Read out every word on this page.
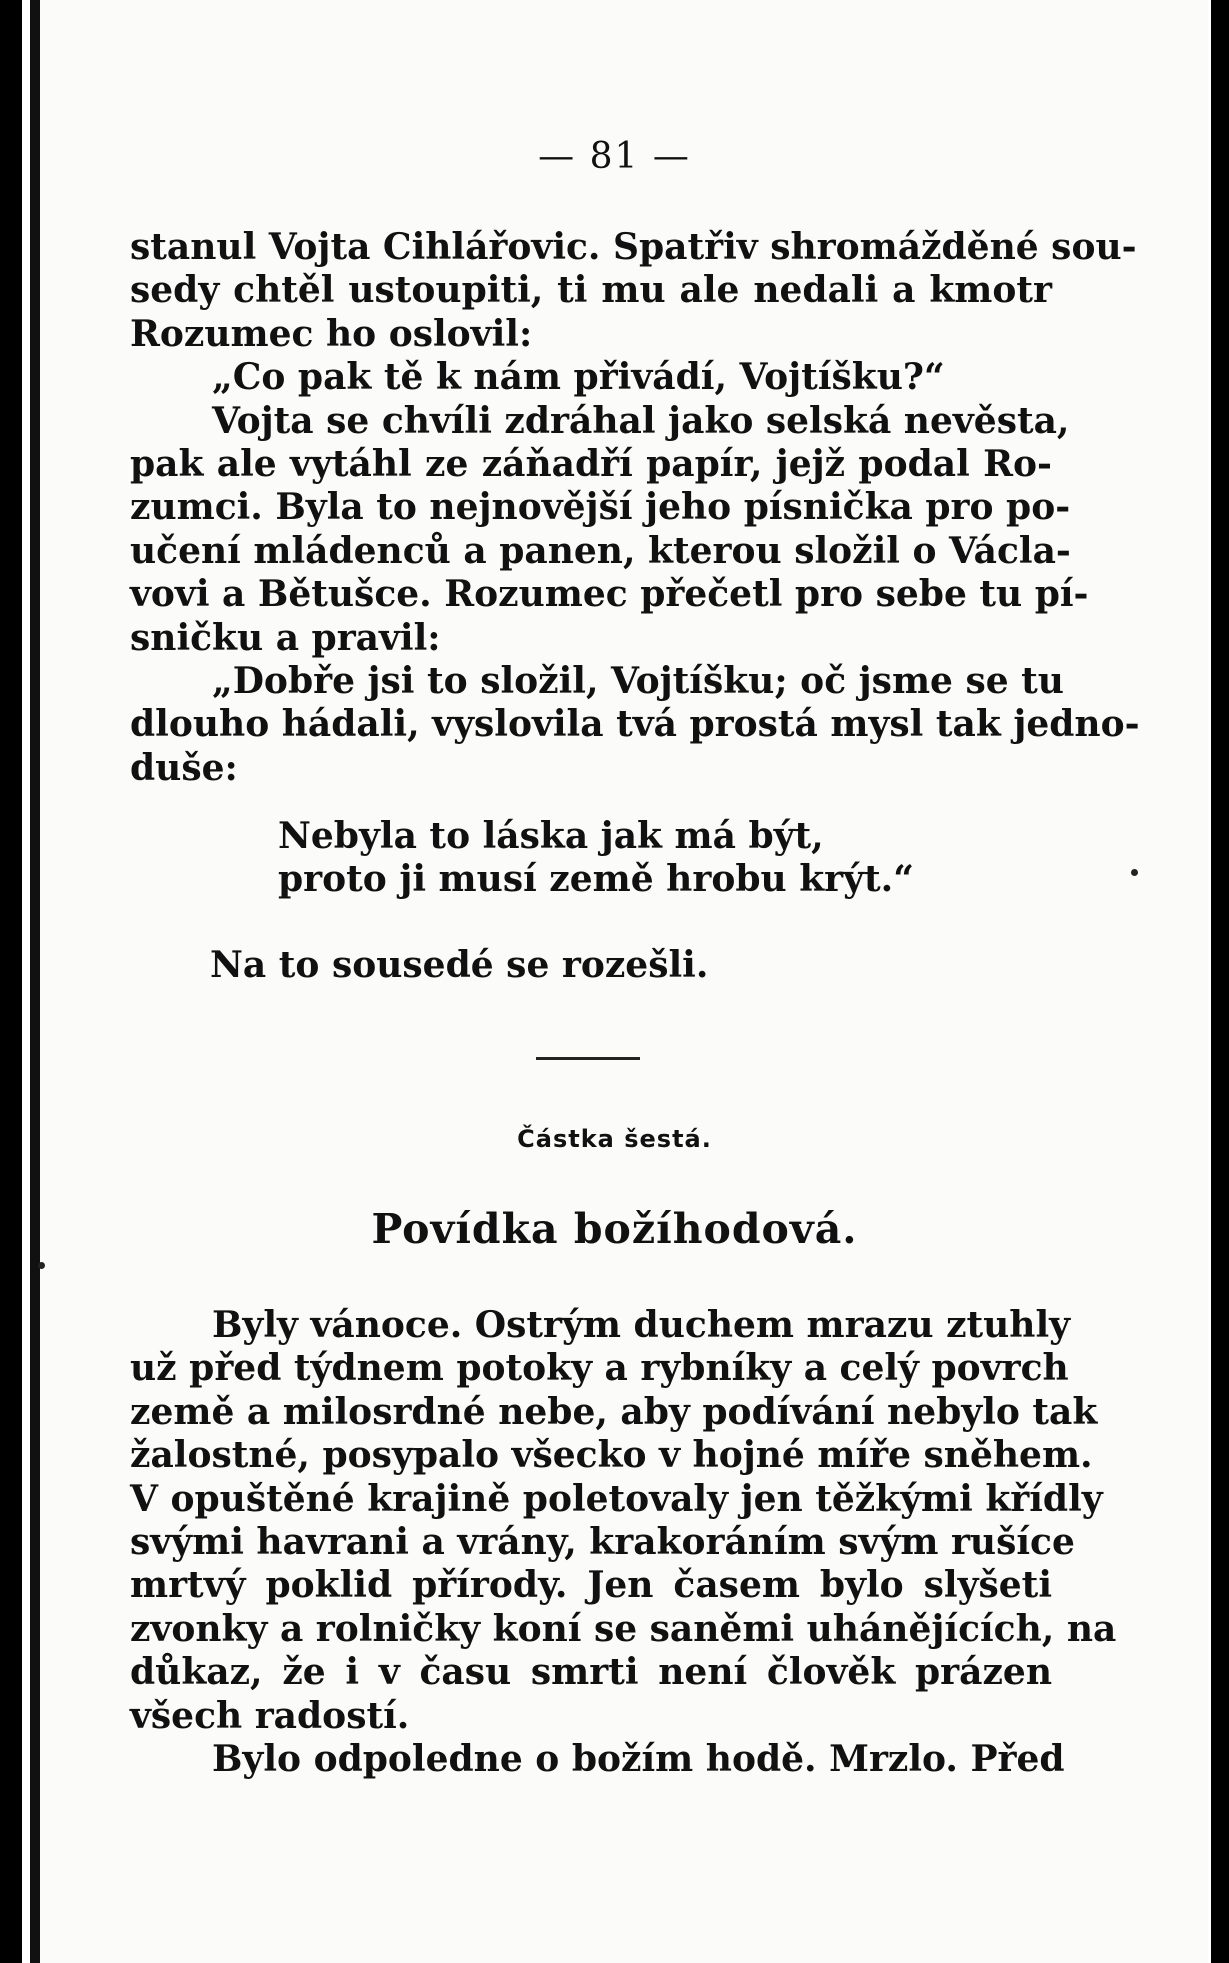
— 81 —
stanul Vojta Cihlářovic. Spatřiv shromážděné sou-
sedy chtěl ustoupiti, ti mu ale nedali a kmotr
Rozumec ho oslovil:
„Co pak tě k nám přivádí, Vojtíšku?“
Vojta se chvíli zdráhal jako selská nevěsta,
pak ale vytáhl ze záňadří papír, jejž podal Ro-
zumci. Byla to nejnovější jeho písnička pro po-
učení mládenců a panen, kterou složil o Václa-
vovi a Bětušce. Rozumec přečetl pro sebe tu pí-
sničku a pravil:
„Dobře jsi to složil, Vojtíšku; oč jsme se tu
dlouho hádali, vyslovila tvá prostá mysl tak jedno-
duše:
Nebyla to láska jak má být,
proto ji musí země hrobu krýt.“
Na to sousedé se rozešli.
Částka šestá.
Povídka božíhodová.
Byly vánoce. Ostrým duchem mrazu ztuhly
už před týdnem potoky a rybníky a celý povrch
země a milosrdné nebe, aby podívání nebylo tak
žalostné, posypalo všecko v hojné míře sněhem.
V opuštěné krajině poletovaly jen těžkými křídly
svými havrani a vrány, krakoráním svým rušíce
mrtvý poklid přírody. Jen časem bylo slyšeti
zvonky a rolničky koní se saněmi uhánějících, na
důkaz, že i v času smrti není člověk prázen
všech radostí.
Bylo odpoledne o božím hodě. Mrzlo. Před
